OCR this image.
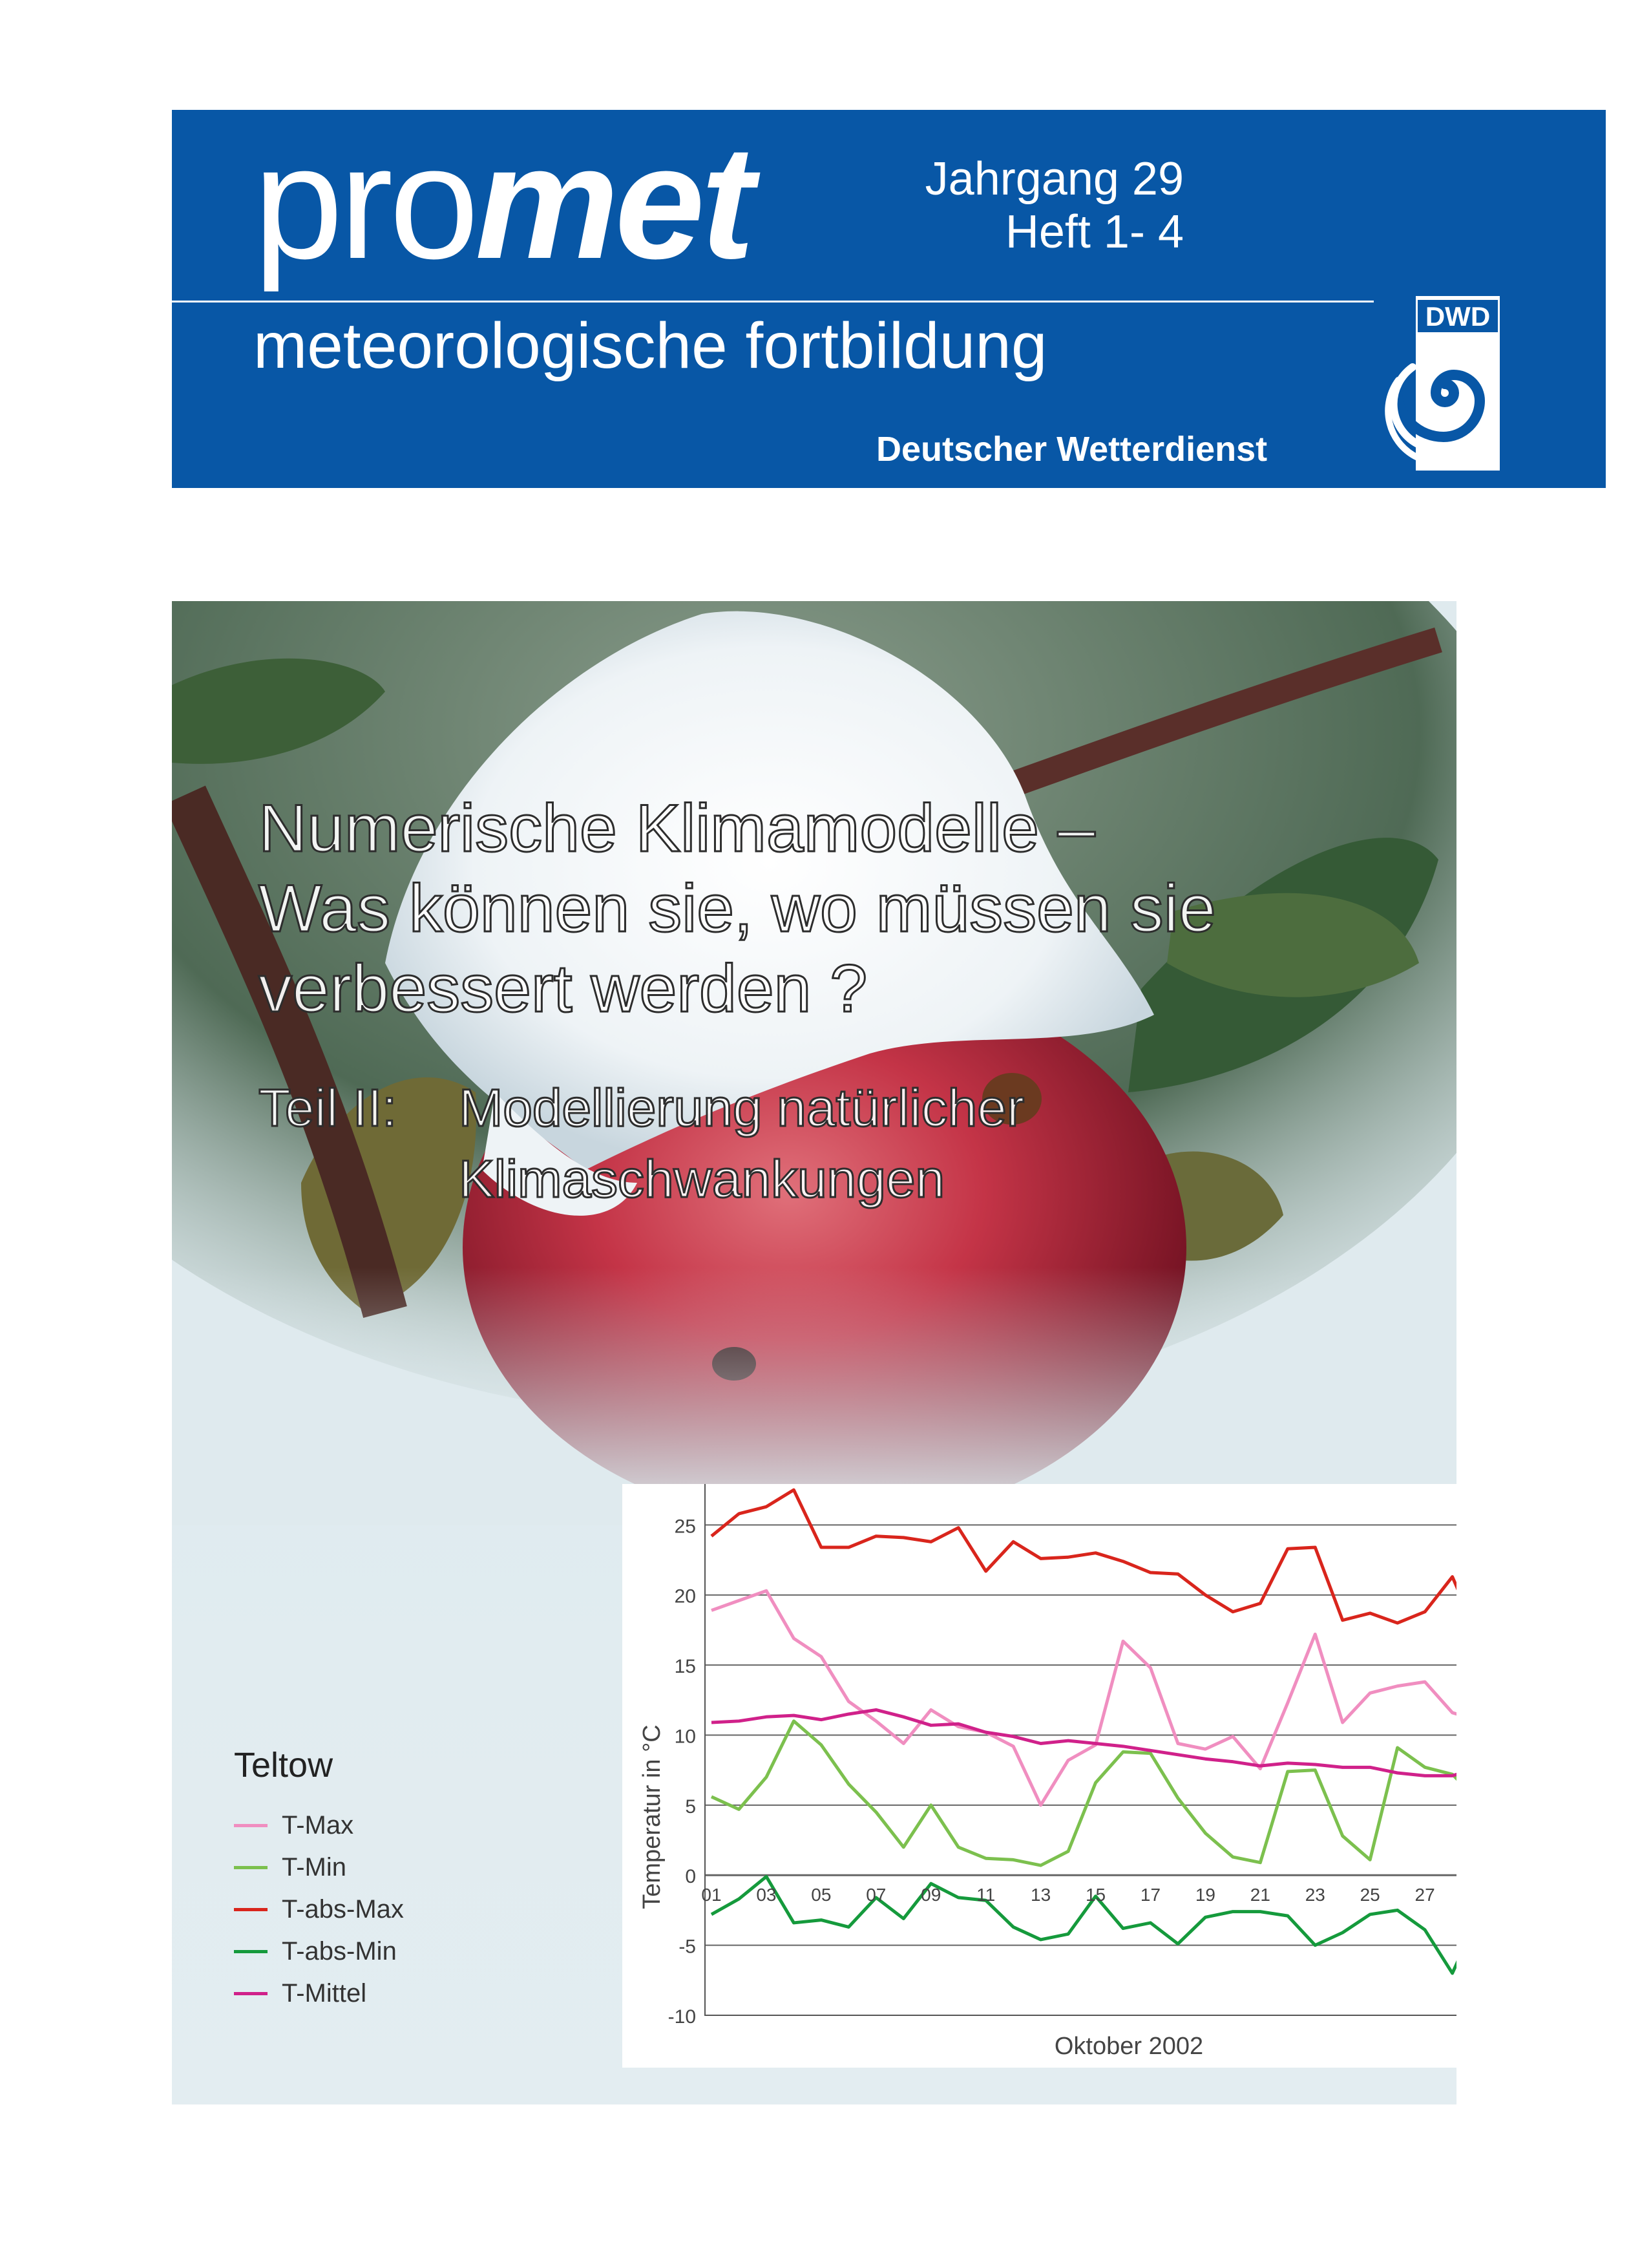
promet	Jahrgang 29
Heft 1- 4
meteorologische fortbildung
Deutscher Wetterdienst
DWD
Numerische Klimamodelle –
Was können sie, wo müssen sie
verbessert werden ?
Teil II: Modellierung natürlicher
Klimaschwankungen
Teltow
T-Max
T-Min
T-abs-Max
T-abs-Min
T-Mittel
25
20
15
10
5
0
-5
-10
01 03 05 07 09 11 13 15 17 19 21 23 25 27 29 31
Temperatur in °C
Oktober 2002
